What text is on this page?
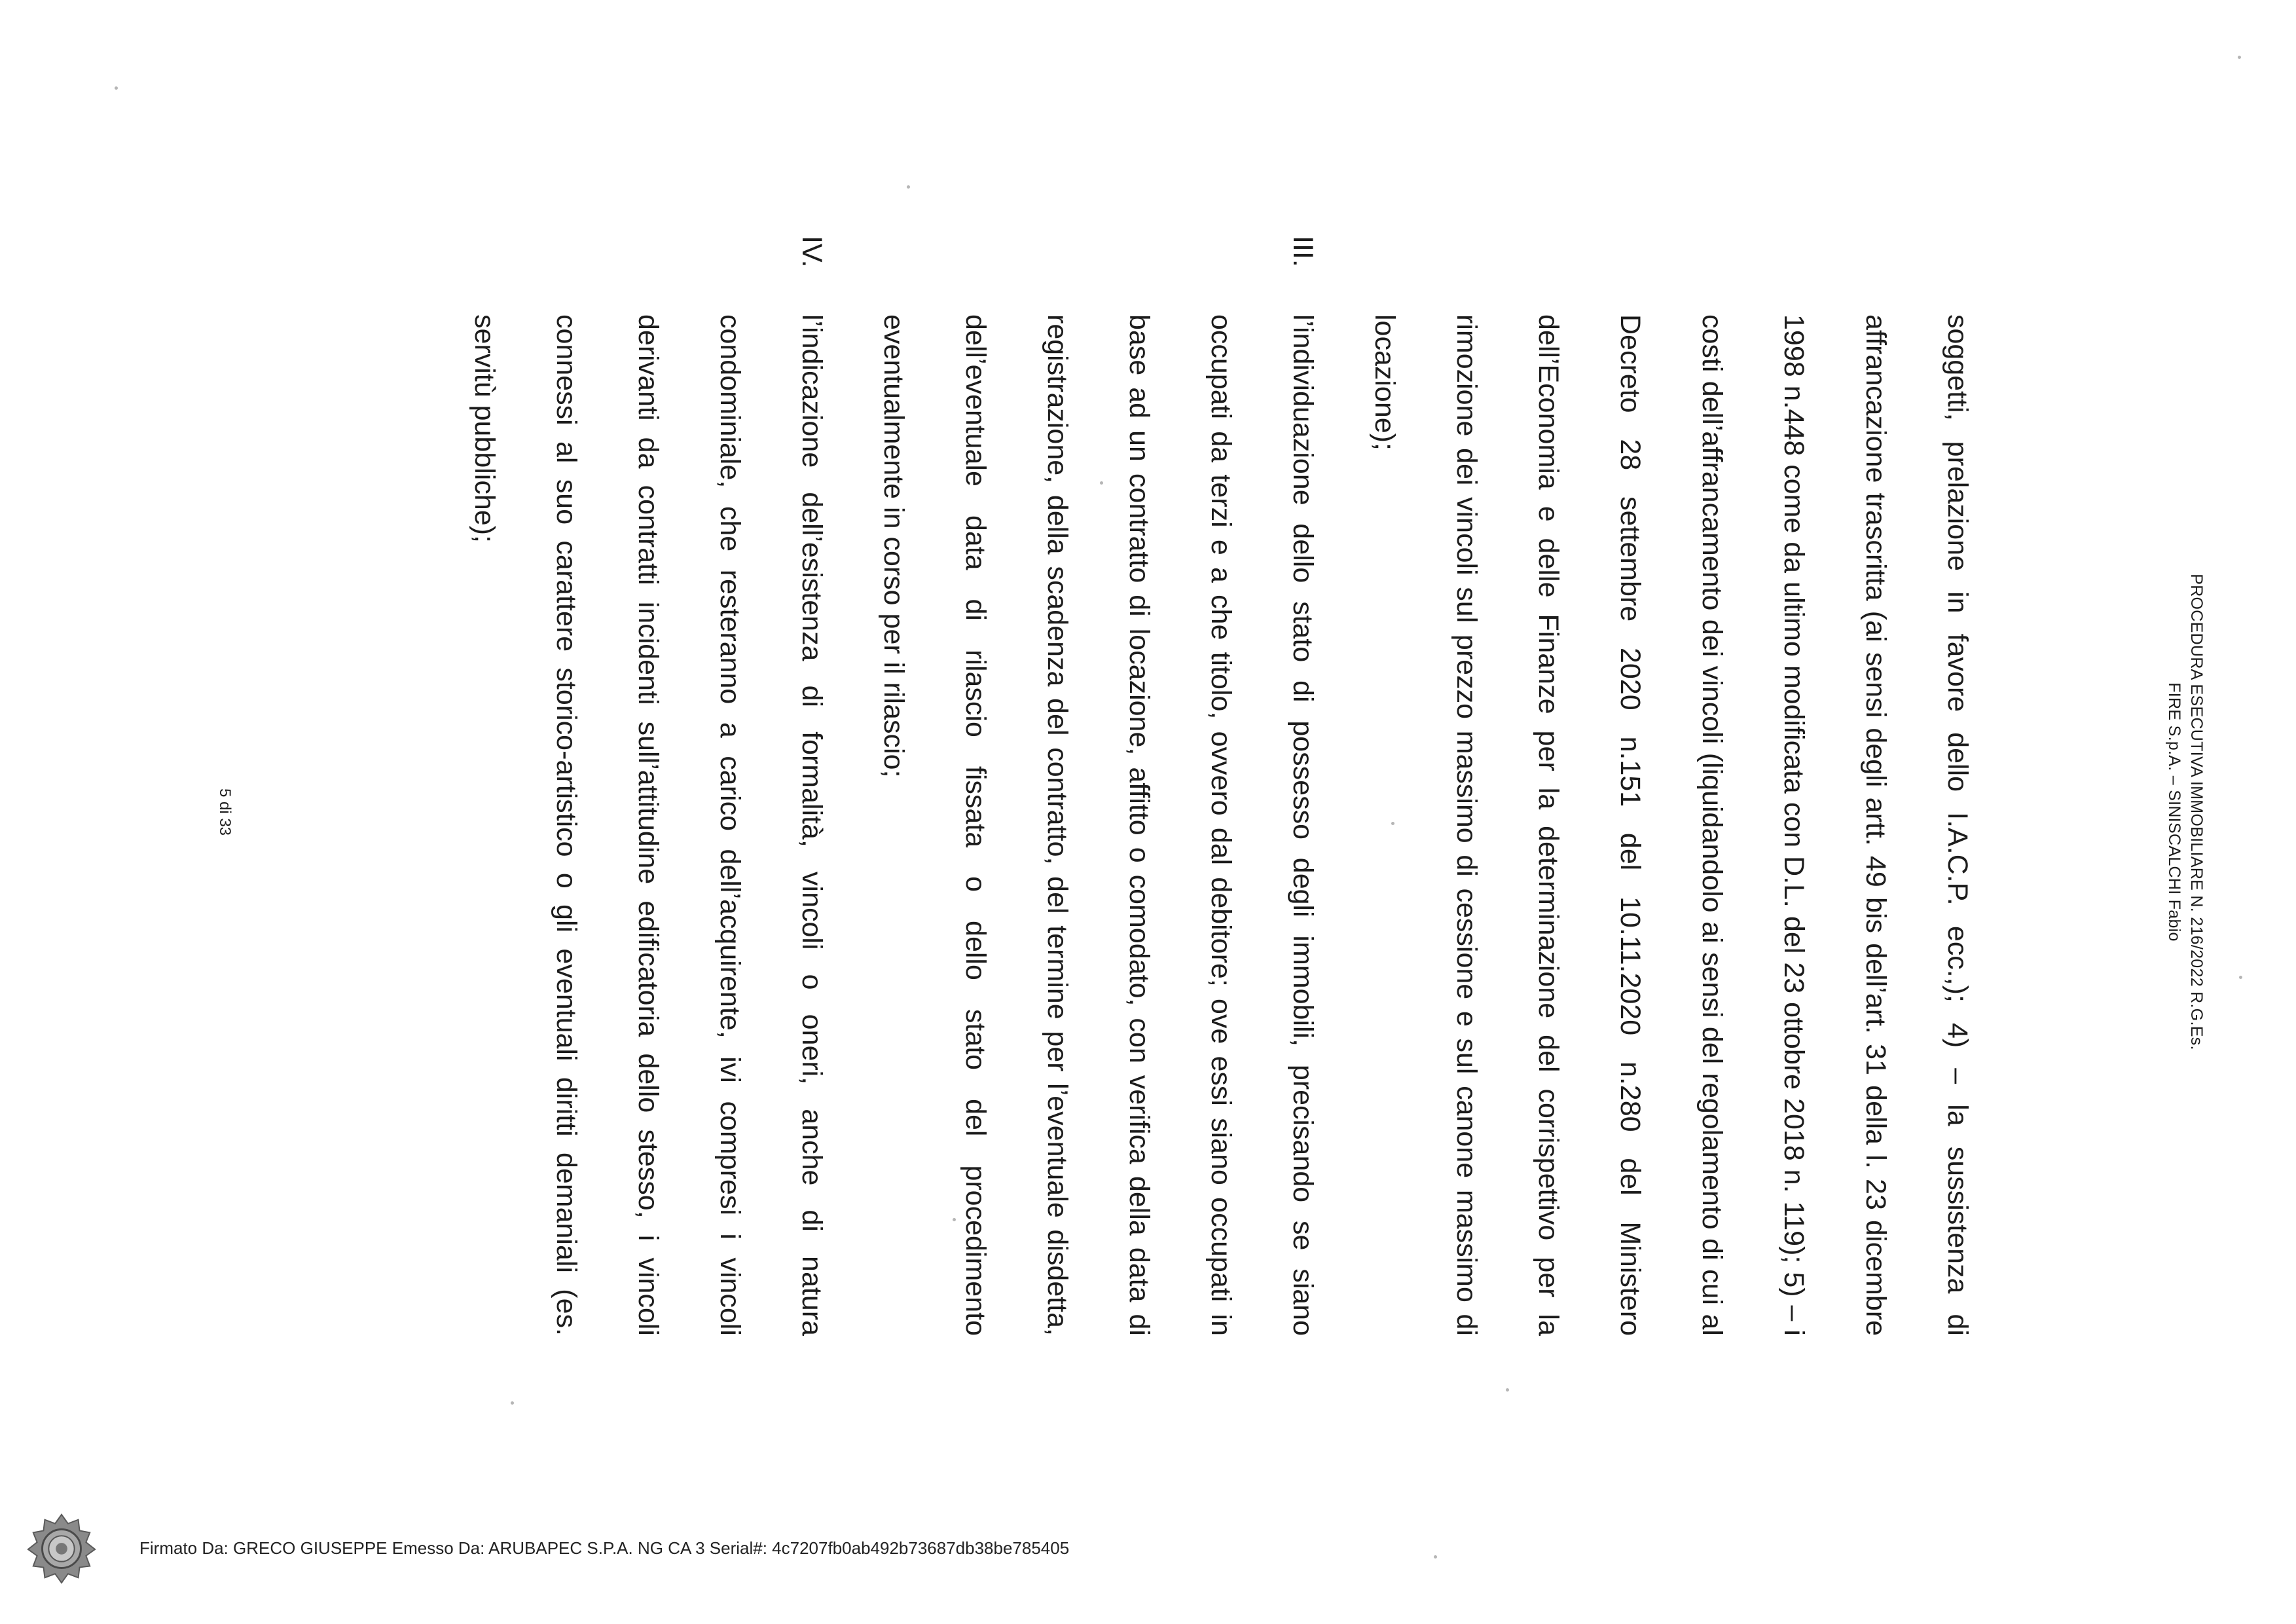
PROCEDURA ESECUTIVA IMMOBILIARE N. 216/2022 R.G.Es.
FIRE S.p.A. – SINISCALCHI Fabio

soggetti, prelazione in favore dello I.A.C.P. ecc.,); 4) – la sussistenza di affrancazione trascritta (ai sensi degli artt. 49 bis dell’art. 31 della l. 23 dicembre 1998 n.448 come da ultimo modificata con D.L. del 23 ottobre 2018 n. 119); 5) – i costi dell’affrancamento dei vincoli (liquidandolo ai sensi del regolamento di cui al Decreto 28 settembre 2020 n.151 del 10.11.2020 n.280 del Ministero dell’Economia e delle Finanze per la determinazione del corrispettivo per la rimozione dei vincoli sul prezzo massimo di cessione e sul canone massimo di locazione);

III.
l’individuazione dello stato di possesso degli immobili, precisando se siano occupati da terzi e a che titolo, ovvero dal debitore; ove essi siano occupati in base ad un contratto di locazione, affitto o comodato, con verifica della data di registrazione, della scadenza del contratto, del termine per l’eventuale disdetta, dell’eventuale data di rilascio fissata o dello stato del procedimento eventualmente in corso per il rilascio;

IV.
l’indicazione dell’esistenza di formalità, vincoli o oneri, anche di natura condominiale, che resteranno a carico dell’acquirente, ivi compresi i vincoli derivanti da contratti incidenti sull’attitudine edificatoria dello stesso, i vincoli connessi al suo carattere storico-artistico o gli eventuali diritti demaniali (es. servitù pubbliche);

5 di 33
Firmato Da: GRECO GIUSEPPE Emesso Da: ARUBAPEC S.P.A. NG CA 3 Serial#: 4c7207fb0ab492b73687db38be785405
